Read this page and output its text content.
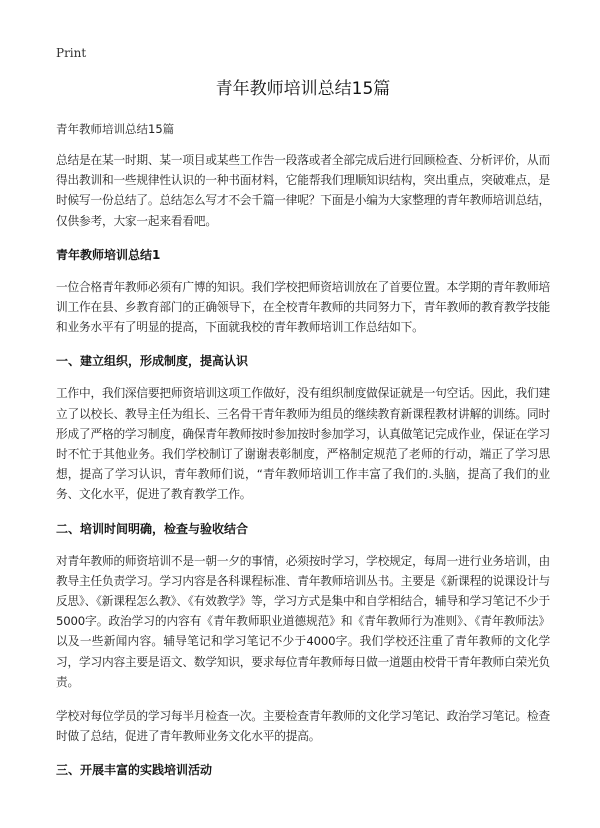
Print
青年教师培训总结15篇
青年教师培训总结15篇

总结是在某一时期、某一项目或某些工作告一段落或者全部完成后进行回顾检查、分析评价，从而得出教训和一些规律性认识的一种书面材料，它能帮我们理顺知识结构，突出重点，突破难点，是时候写一份总结了。总结怎么写才不会千篇一律呢？下面是小编为大家整理的青年教师培训总结，仅供参考，大家一起来看看吧。

青年教师培训总结1

一位合格青年教师必须有广博的知识。我们学校把师资培训放在了首要位置。本学期的青年教师培训工作在县、乡教育部门的正确领导下，在全校青年教师的共同努力下，青年教师的教育教学技能和业务水平有了明显的提高，下面就我校的青年教师培训工作总结如下。

一、建立组织，形成制度，提高认识

工作中，我们深信要把师资培训这项工作做好，没有组织制度做保证就是一句空话。因此，我们建立了以校长、教导主任为组长、三名骨干青年教师为组员的继续教育新课程教材讲解的训练。同时形成了严格的学习制度，确保青年教师按时参加按时参加学习，认真做笔记完成作业，保证在学习时不忙于其他业务。我们学校制订了谢谢表彰制度，严格制定规范了老师的行动，端正了学习思想，提高了学习认识，青年教师们说，“青年教师培训工作丰富了我们的.头脑，提高了我们的业务、文化水平，促进了教育教学工作。

二、培训时间明确，检查与验收结合

对青年教师的师资培训不是一朝一夕的事情，必须按时学习，学校规定，每周一进行业务培训，由教导主任负责学习。学习内容是各科课程标准、青年教师培训丛书。主要是《新课程的说课设计与反思》、《新课程怎么教》、《有效教学》等，学习方式是集中和自学相结合，辅导和学习笔记不少于5000字。政治学习的内容有《青年教师职业道德规范》和《青年教师行为准则》、《青年教师法》以及一些新闻内容。辅导笔记和学习笔记不少于4000字。我们学校还注重了青年教师的文化学习，学习内容主要是语文、数学知识，要求每位青年教师每日做一道题由校骨干青年教师白荣光负责。

学校对每位学员的学习每半月检查一次。主要检查青年教师的文化学习笔记、政治学习笔记。检查时做了总结，促进了青年教师业务文化水平的提高。

三、开展丰富的实践培训活动
